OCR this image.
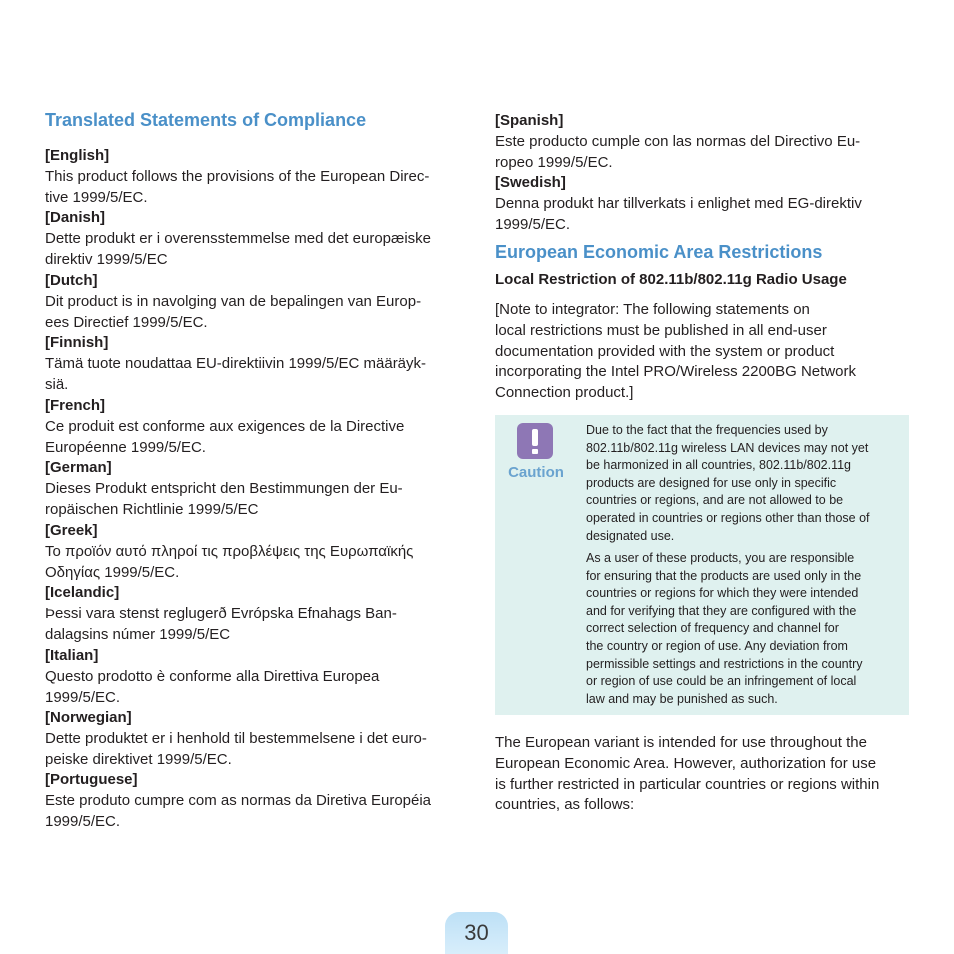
Translated Statements of Compliance
[English]
This product follows the provisions of the European Direc-
tive 1999/5/EC.
[Danish]
Dette produkt er i overensstemmelse med det europæiske
direktiv 1999/5/EC
[Dutch]
Dit product is in navolging van de bepalingen van Europ-
ees Directief 1999/5/EC.
[Finnish]
Tämä tuote noudattaa EU-direktiivin 1999/5/EC määräyk-
siä.
[French]
Ce produit est conforme aux exigences de la Directive
Européenne 1999/5/EC.
[German]
Dieses Produkt entspricht den Bestimmungen der Eu-
ropäischen Richtlinie 1999/5/EC
[Greek]
Το προϊόν αυτό πληροί τις προβλέψεις της Ευρωπαϊκής
Οδηγίας 1999/5/EC.
[Icelandic]
Þessi vara stenst reglugerð Evrópska Efnahags Ban-
dalagsins númer 1999/5/EC
[Italian]
Questo prodotto è conforme alla Direttiva Europea
1999/5/EC.
[Norwegian]
Dette produktet er i henhold til bestemmelsene i det euro-
peiske direktivet 1999/5/EC.
[Portuguese]
Este produto cumpre com as normas da Diretiva Européia
1999/5/EC.
[Spanish]
Este producto cumple con las normas del Directivo Eu-
ropeo 1999/5/EC.
[Swedish]
Denna produkt har tillverkats i enlighet med EG-direktiv
1999/5/EC.
European Economic Area Restrictions
Local Restriction of 802.11b/802.11g Radio Usage
[Note to integrator: The following statements on
local restrictions must be published in all end-user
documentation provided with the system or product
incorporating the Intel PRO/Wireless 2200BG Network
Connection product.]
Caution
Due to the fact that the frequencies used by
802.11b/802.11g wireless LAN devices may not yet
be harmonized in all countries, 802.11b/802.11g
products are designed for use only in specific
countries or regions, and are not allowed to be
operated in countries or regions other than those of
designated use.
As a user of these products, you are responsible
for ensuring that the products are used only in the
countries or regions for which they were intended
and for verifying that they are configured with the
correct selection of frequency and channel for
the country or region of use. Any deviation from
permissible settings and restrictions in the country
or region of use could be an infringement of local
law and may be punished as such.
The European variant is intended for use throughout the
European Economic Area. However, authorization for use
is further restricted in particular countries or regions within
countries, as follows:
30
